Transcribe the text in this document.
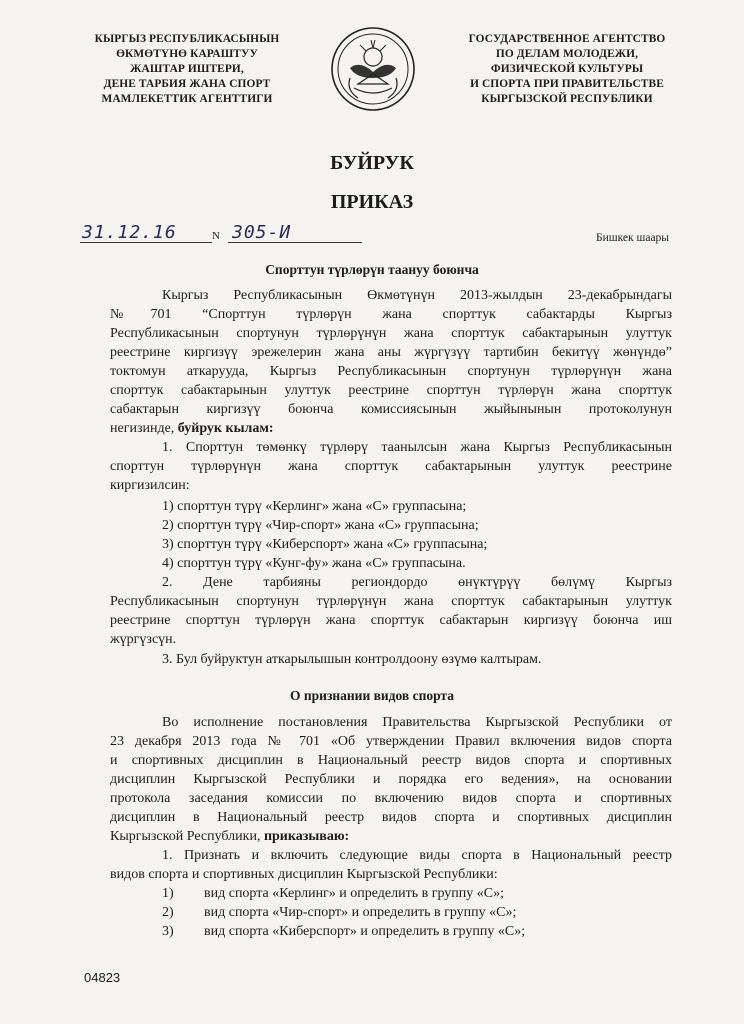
КЫРГЫЗ РЕСПУБЛИКАСЫНЫН
ӨКМӨТҮНӨ КАРАШТУУ
ЖАШТАР ИШТЕРИ,
ДЕНЕ ТАРБИЯ ЖАНА СПОРТ
МАМЛЕКЕТТИК АГЕНТТИГИ
ГОСУДАРСТВЕННОЕ АГЕНТСТВО
ПО ДЕЛАМ МОЛОДЕЖИ,
ФИЗИЧЕСКОЙ КУЛЬТУРЫ
И СПОРТА ПРИ ПРАВИТЕЛЬСТВЕ
КЫРГЫЗСКОЙ РЕСПУБЛИКИ
БУЙРУК
ПРИКАЗ
31.12.16	N 305-И	Бишкек шаары
Спорттун түрлөрүн таануу боюнча
Кыргыз Республикасынын Өкмөтүнүн 2013-жылдын 23-декабрындагы
№701 “Спорттун түрлөрүн жана спорттук сабактарды Кыргыз
Республикасынын спортунун түрлөрүнүн жана спорттук сабактарынын улуттук
реестрине киргизүү эрежелерин жана аны жүргүзүү тартибин бекитүү жөнүндө”
токтомун аткарууда, Кыргыз Республикасынын спортунун түрлөрүнүн жана
спорттук сабактарынын улуттук реестрине спорттун түрлөрүн жана спорттук
сабактарын киргизүү боюнча комиссиясынын жыйынынын протоколунун
негизинде, буйрук кылам:
1. Спорттун төмөнкү түрлөрү таанылсын жана Кыргыз Республикасынын
спорттун түрлөрүнүн жана спорттук сабактарынын улуттук реестрине
киргизилсин:
1) спорттун түрү «Керлинг» жана «С» группасына;
2) спорттун түрү «Чир-спорт» жана «С» группасына;
3) спорттун түрү «Киберспорт» жана «С» группасына;
4) спорттун түрү «Кунг-фу» жана «С» группасына.
2. Дене тарбияны региондордо өнүктүрүү бөлүмү Кыргыз
Республикасынын спортунун түрлөрүнүн жана спорттук сабактарынын улуттук
реестрине спорттун түрлөрүн жана спорттук сабактарын киргизүү боюнча иш
жүргүзсүн.
3. Бул буйруктун аткарылышын контролдоону өзүмө калтырам.
О признании видов спорта
Во исполнение постановления Правительства Кыргызской Республики от
23 декабря 2013 года № 701 «Об утверждении Правил включения видов спорта
и спортивных дисциплин в Национальный реестр видов спорта и спортивных
дисциплин Кыргызской Республики и порядка его ведения», на основании
протокола заседания комиссии по включению видов спорта и спортивных
дисциплин в Национальный реестр видов спорта и спортивных дисциплин
Кыргызской Республики, приказываю:
1. Признать и включить следующие виды спорта в Национальный реестр
видов спорта и спортивных дисциплин Кыргызской Республики:
1) вид спорта «Керлинг» и определить в группу «С»;
2) вид спорта «Чир-спорт» и определить в группу «С»;
3) вид спорта «Киберспорт» и определить в группу «С»;
04823
